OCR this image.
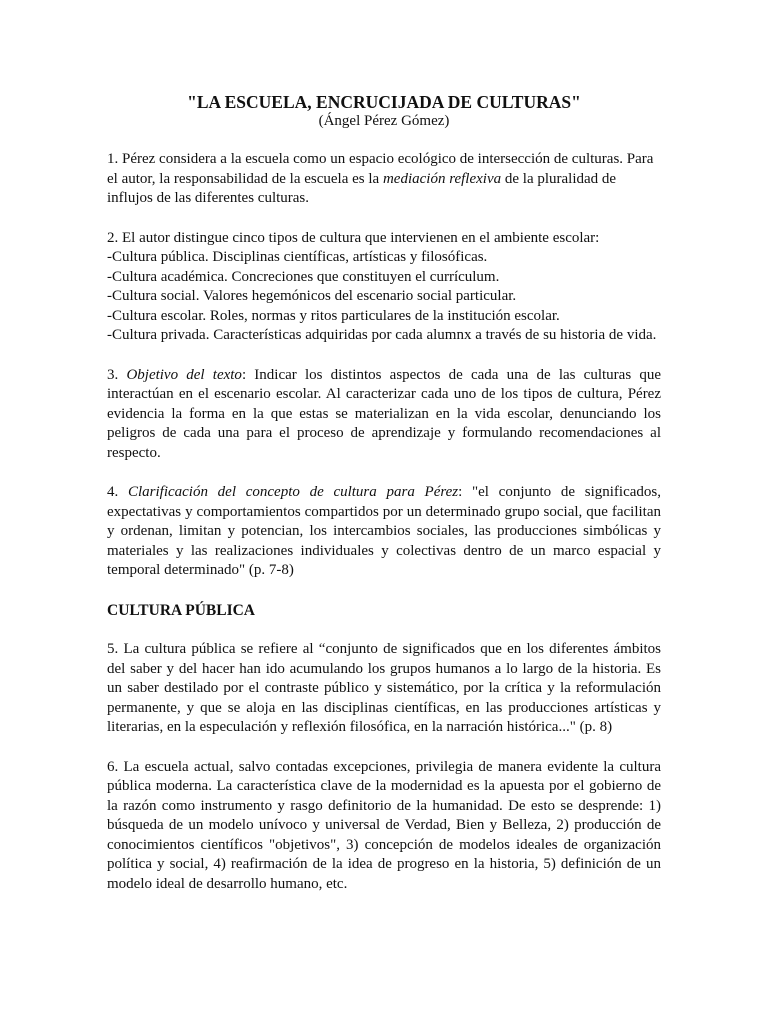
"LA ESCUELA, ENCRUCIJADA DE CULTURAS"

(Ángel Pérez Gómez)

1. Pérez considera a la escuela como un espacio ecológico de intersección de culturas. Para el autor, la responsabilidad de la escuela es la mediación reflexiva de la pluralidad de influjos de las diferentes culturas.

2. El autor distingue cinco tipos de cultura que intervienen en el ambiente escolar:
-Cultura pública. Disciplinas científicas, artísticas y filosóficas.
-Cultura académica. Concreciones que constituyen el currículum.
-Cultura social. Valores hegemónicos del escenario social particular.
-Cultura escolar. Roles, normas y ritos particulares de la institución escolar.
-Cultura privada. Características adquiridas por cada alumnx a través de su historia de vida.

3. Objetivo del texto: Indicar los distintos aspectos de cada una de las culturas que interactúan en el escenario escolar. Al caracterizar cada uno de los tipos de cultura, Pérez evidencia la forma en la que estas se materializan en la vida escolar, denunciando los peligros de cada una para el proceso de aprendizaje y formulando recomendaciones al respecto.

4. Clarificación del concepto de cultura para Pérez: "el conjunto de significados, expectativas y comportamientos compartidos por un determinado grupo social, que facilitan y ordenan, limitan y potencian, los intercambios sociales, las producciones simbólicas y materiales y las realizaciones individuales y colectivas dentro de un marco espacial y temporal determinado" (p. 7-8)

CULTURA PÚBLICA

5. La cultura pública se refiere al “conjunto de significados que en los diferentes ámbitos del saber y del hacer han ido acumulando los grupos humanos a lo largo de la historia. Es un saber destilado por el contraste público y sistemático, por la crítica y la reformulación permanente, y que se aloja en las disciplinas científicas, en las producciones artísticas y literarias, en la especulación y reflexión filosófica, en la narración histórica..." (p. 8)

6. La escuela actual, salvo contadas excepciones, privilegia de manera evidente la cultura pública moderna. La característica clave de la modernidad es la apuesta por el gobierno de la razón como instrumento y rasgo definitorio de la humanidad. De esto se desprende: 1) búsqueda de un modelo unívoco y universal de Verdad, Bien y Belleza, 2) producción de conocimientos científicos "objetivos", 3) concepción de modelos ideales de organización política y social, 4) reafirmación de la idea de progreso en la historia, 5) definición de un modelo ideal de desarrollo humano, etc.
